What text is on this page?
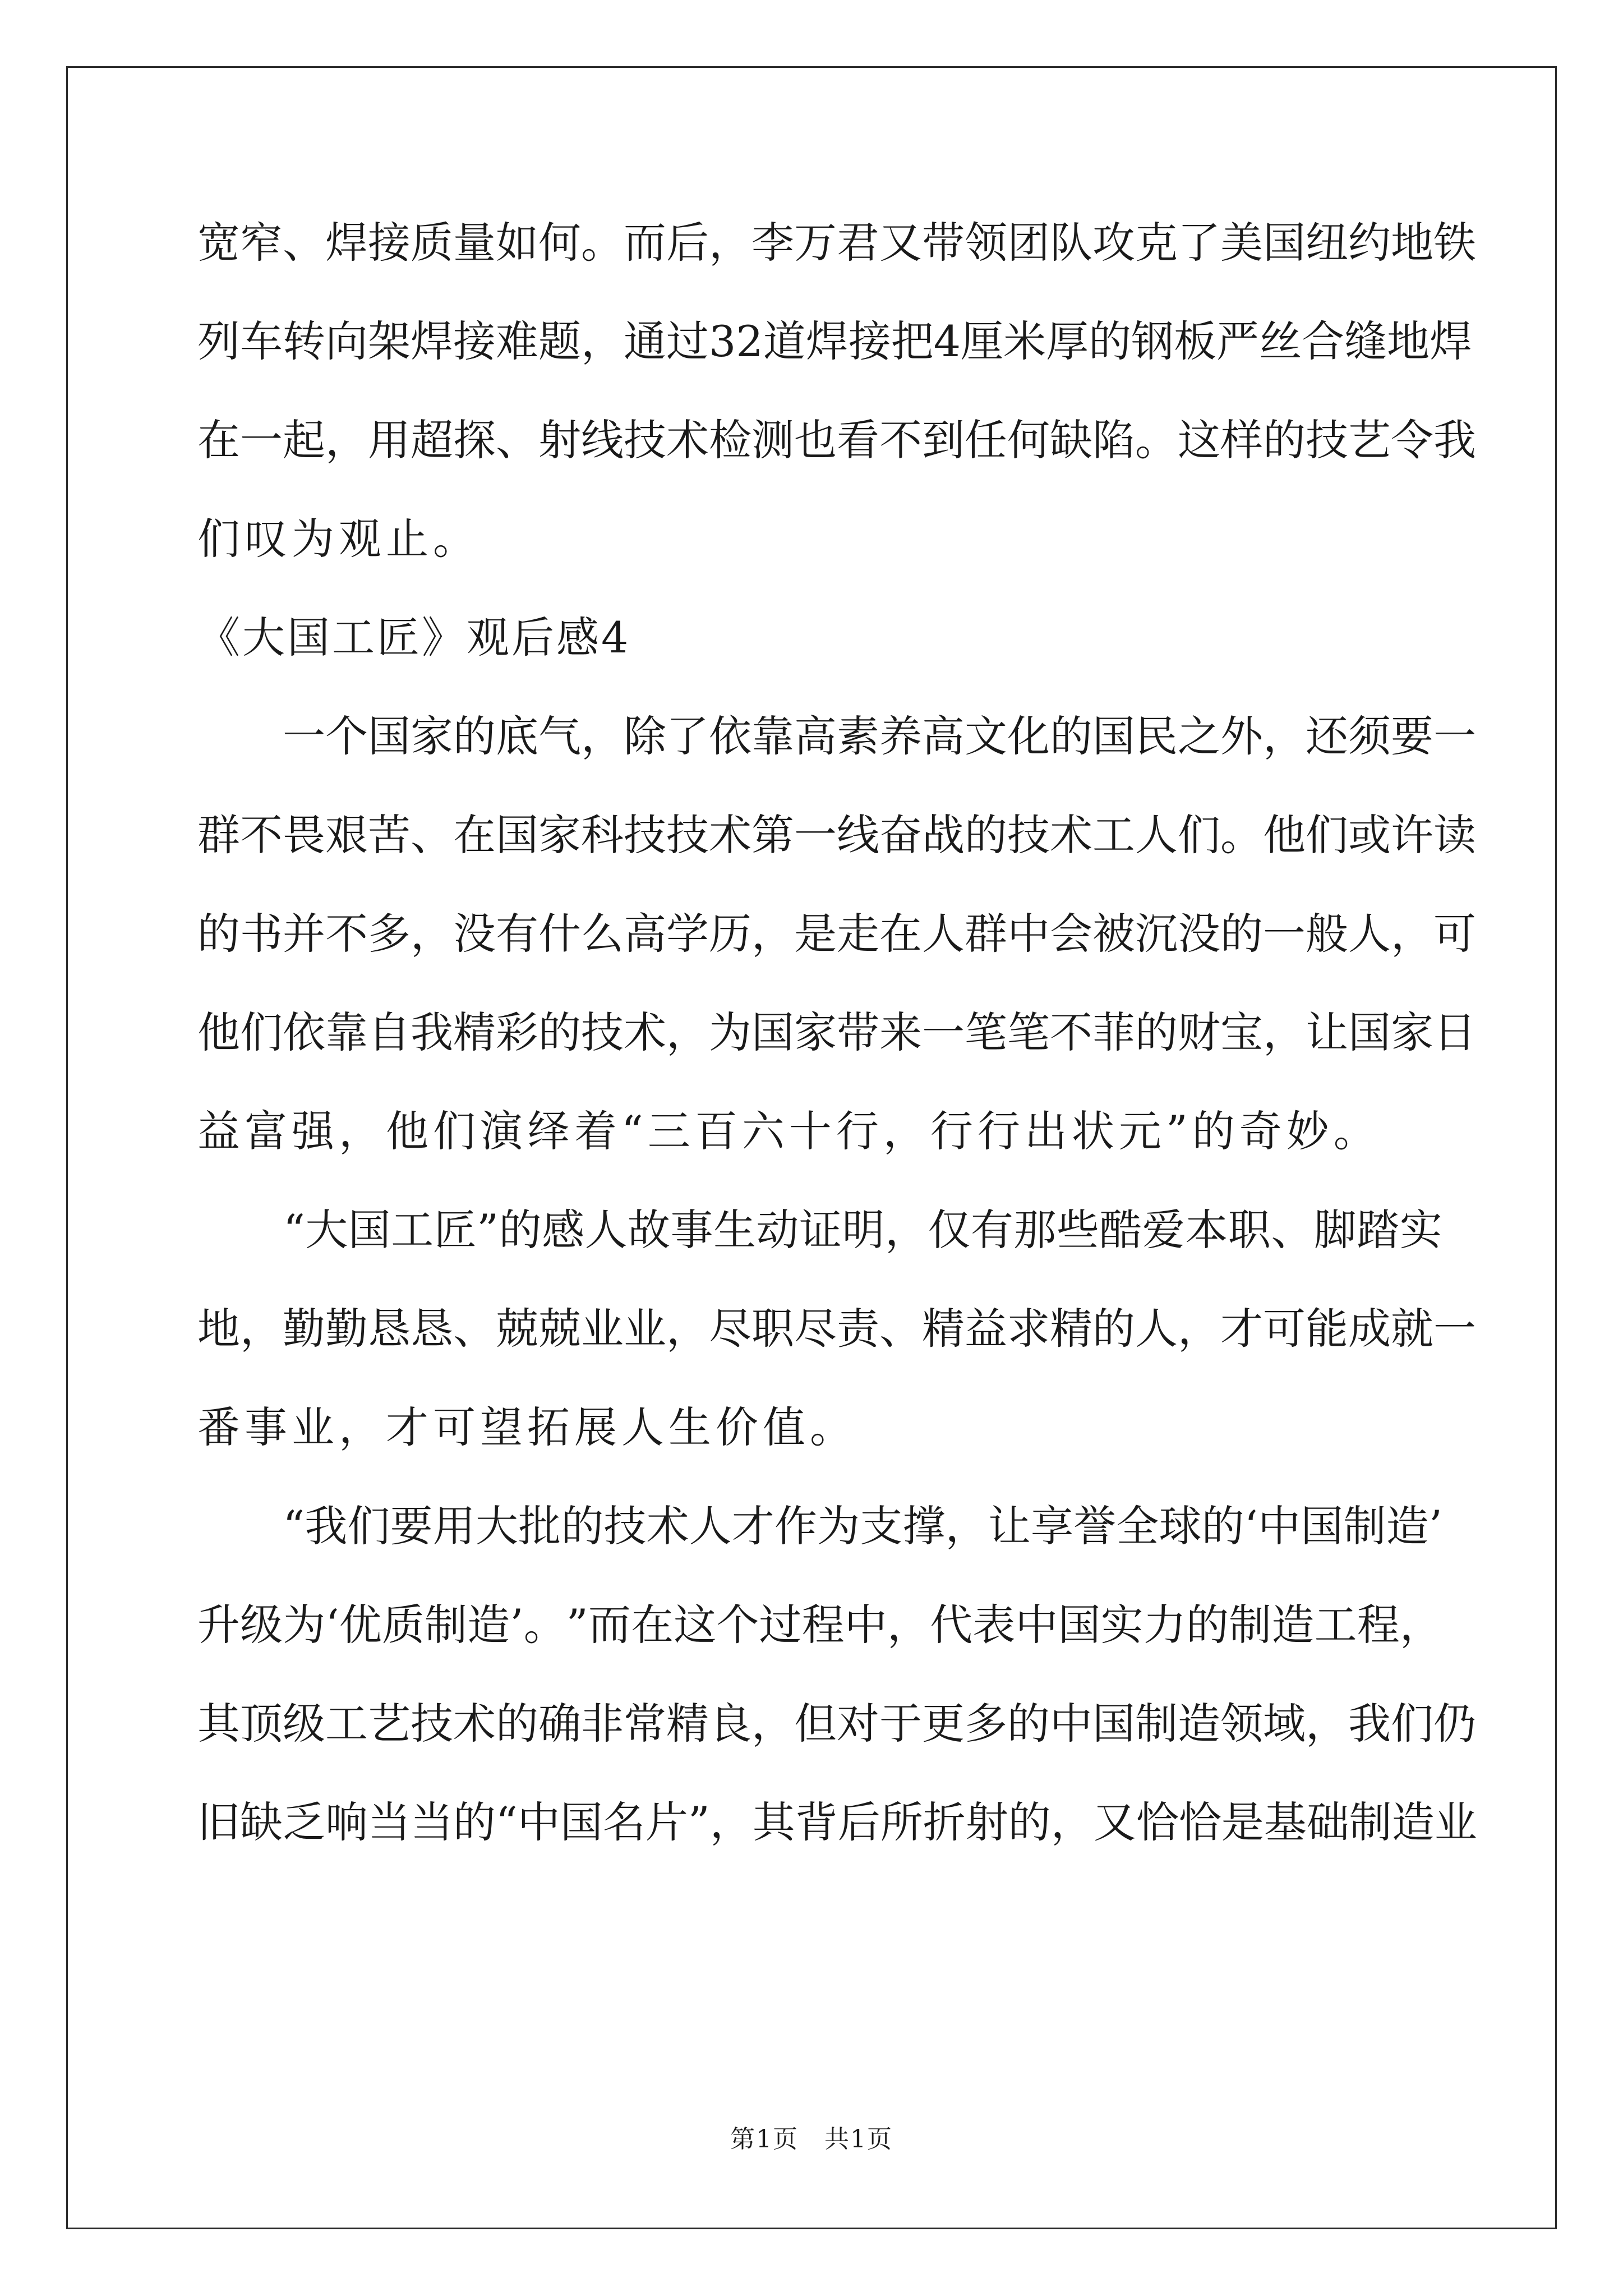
宽 窄 、 焊 接 质 量 如 何 。 而 后 ， 李 万 君 又 带 领 团 队 攻 克 了 美 国 纽 约 地 铁
列 车 转 向 架 焊 接 难 题 ， 通 过 32 道 焊 接 把 4 厘 米 厚 的 钢 板 严 丝 合 缝 地 焊
在 一 起 ， 用 超 探 、 射 线 技 术 检 测 也 看 不 到 任 何 缺 陷 。 这 样 的 技 艺 令 我
们叹为观止。
《大国工匠》观后感4

一 个 国 家 的 底 气 ， 除 了 依 靠 高 素 养 高 文 化 的 国 民 之 外 ， 还 须 要 一
群 不 畏 艰 苦 、 在 国 家 科 技 技 术 第 一 线 奋 战 的 技 术 工 人 们 。 他 们 或 许 读
的 书 并 不 多 ， 没 有 什 么 高 学 历 ， 是 走 在 人 群 中 会 被 沉 没 的 一 般 人 ， 可
他 们 依 靠 自 我 精 彩 的 技 术 ， 为 国 家 带 来 一 笔 笔 不 菲 的 财 宝 ， 让 国 家 日
益富强，他们演绎着“三百六十行，行行出状元”的奇妙。

“ 大 国 工 匠 ” 的 感 人 故 事 生 动 证 明 ， 仅 有 那 些 酷 爱 本 职 、 脚 踏 实
地 ， 勤 勤 恳 恳 、 兢 兢 业 业 ， 尽 职 尽 责 、 精 益 求 精 的 人 ， 才 可 能 成 就 一
番事业，才可望拓展人生价值。

“ 我 们 要 用 大 批 的 技 术 人 才 作 为 支 撑 ， 让 享 誉 全 球 的 ‘ 中 国 制 造 ’
升 级 为 ‘ 优 质 制 造 ’ 。 ” 而 在 这 个 过 程 中 ， 代 表 中 国 实 力 的 制 造 工 程 ，
其 顶 级 工 艺 技 术 的 确 非 常 精 良 ， 但 对 于 更 多 的 中 国 制 造 领 域 ， 我 们 仍
旧 缺 乏 响 当 当 的 “ 中 国 名 片 ” ， 其 背 后 所 折 射 的 ， 又 恰 恰 是 基 础 制 造 业
第1页　共1页
